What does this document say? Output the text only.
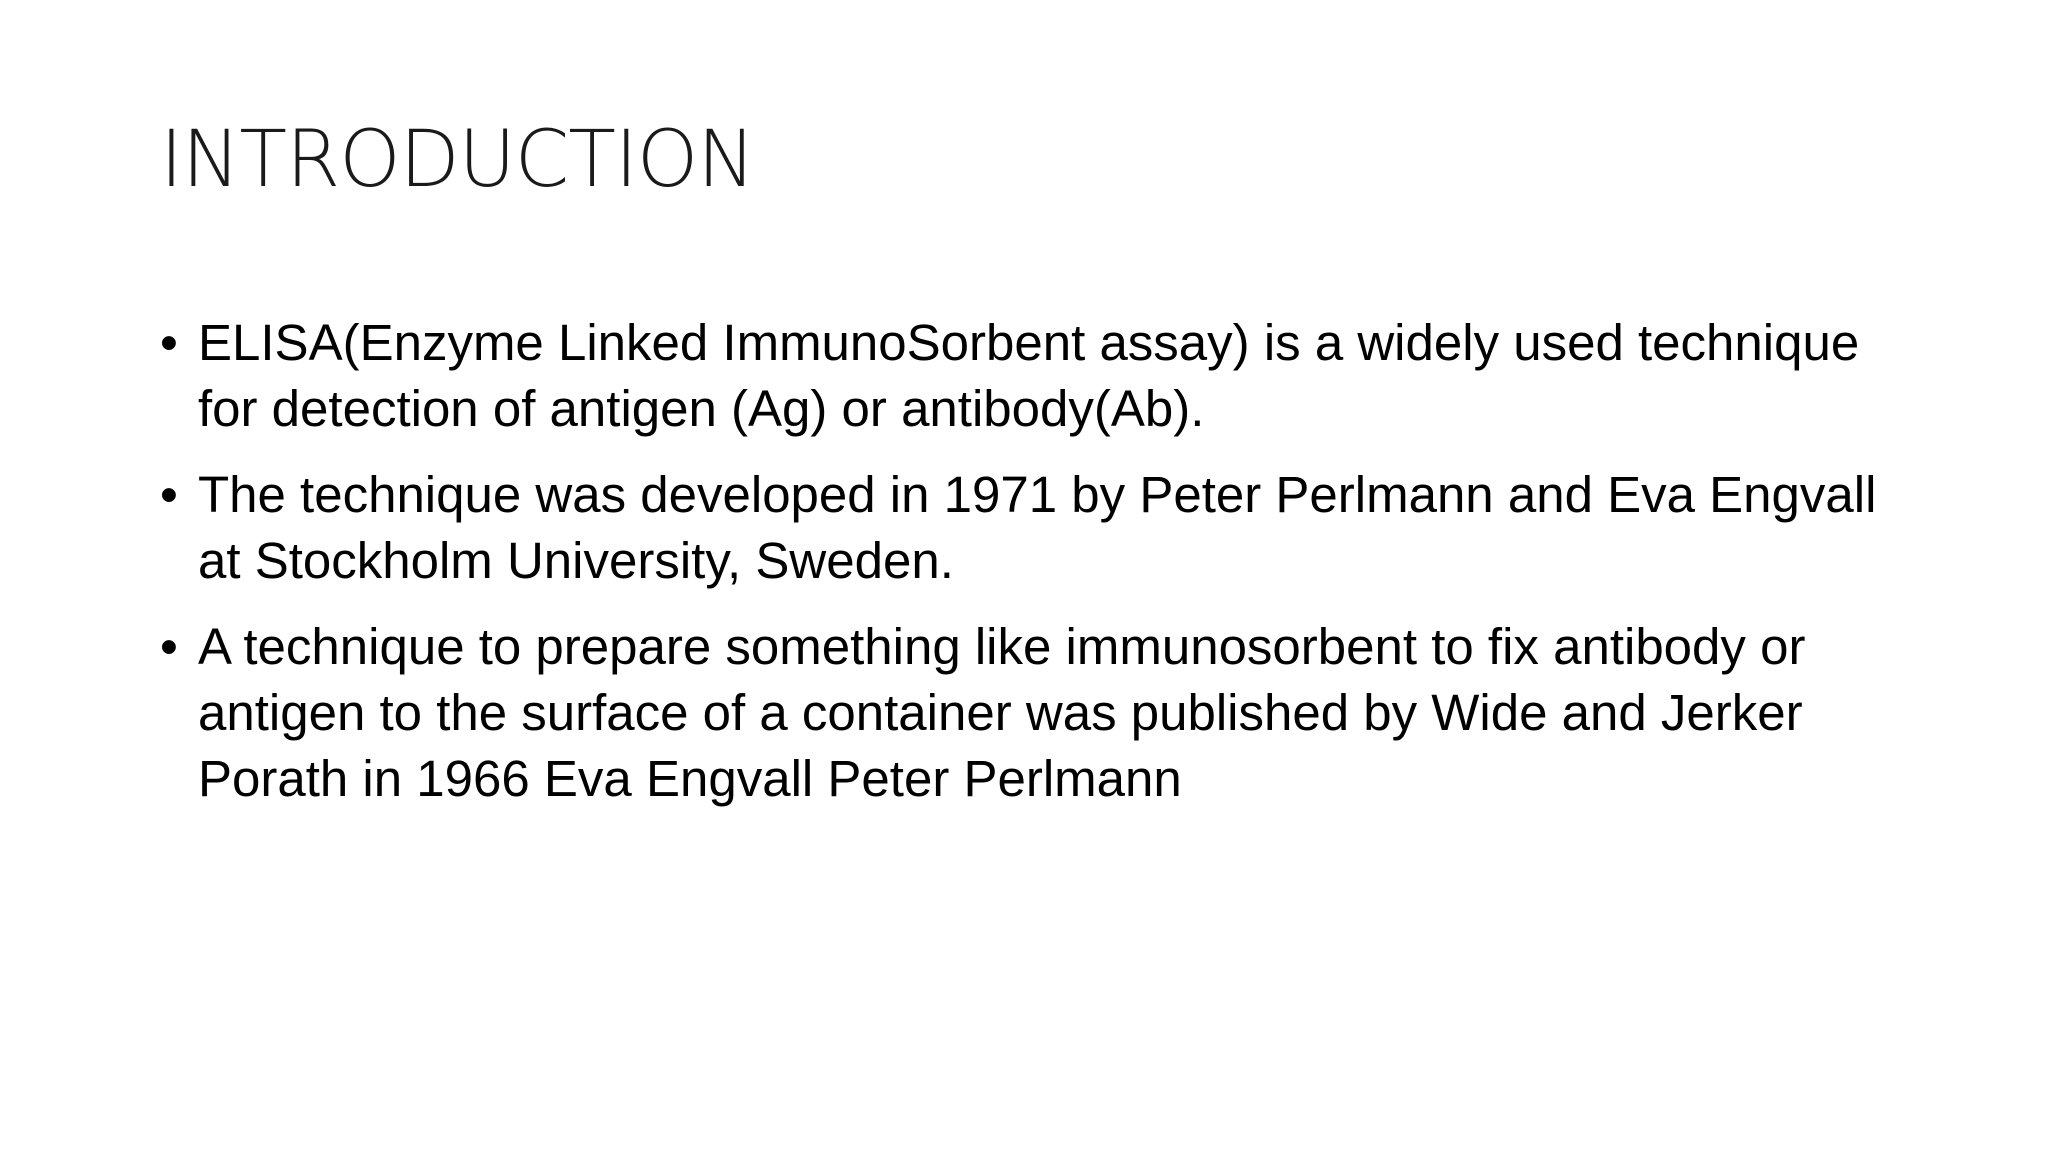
INTRODUCTION
• ELISA(Enzyme Linked ImmunoSorbent assay) is a widely used technique for detection of antigen (Ag) or antibody(Ab).
• The technique was developed in 1971 by Peter Perlmann and Eva Engvall at Stockholm University, Sweden.
• A technique to prepare something like immunosorbent to fix antibody or antigen to the surface of a container was published by Wide and Jerker Porath in 1966 Eva Engvall Peter Perlmann
